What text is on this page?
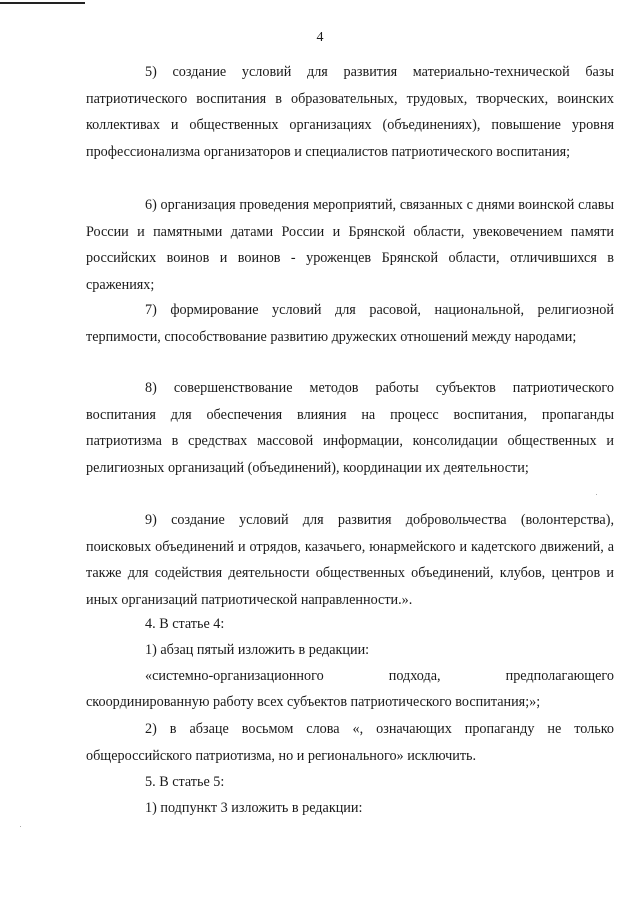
4

5) создание условий для развития материально-технической базы патриотического воспитания в образовательных, трудовых, творческих, воинских коллективах и общественных организациях (объединениях), повышение уровня профессионализма организаторов и специалистов патриотического воспитания;

6) организация проведения мероприятий, связанных с днями воинской славы России и памятными датами России и Брянской области, увековечением памяти российских воинов и воинов - уроженцев Брянской области, отличившихся в сражениях;

7) формирование условий для расовой, национальной, религиозной терпимости, способствование развитию дружеских отношений между народами;

8) совершенствование методов работы субъектов патриотического воспитания для обеспечения влияния на процесс воспитания, пропаганды патриотизма в средствах массовой информации, консолидации общественных и религиозных организаций (объединений), координации их деятельности;

9) создание условий для развития добровольчества (волонтерства), поисковых объединений и отрядов, казачьего, юнармейского и кадетского движений, а также для содействия деятельности общественных объединений, клубов, центров и иных организаций патриотической направленности.».

4. В статье 4:

1) абзац пятый изложить в редакции:

«системно-организационного подхода, предполагающего

скоординированную работу всех субъектов патриотического воспитания;»;

2) в абзаце восьмом слова «, означающих пропаганду не только общероссийского патриотизма, но и регионального» исключить.

5. В статье 5:

1) подпункт 3 изложить в редакции:
